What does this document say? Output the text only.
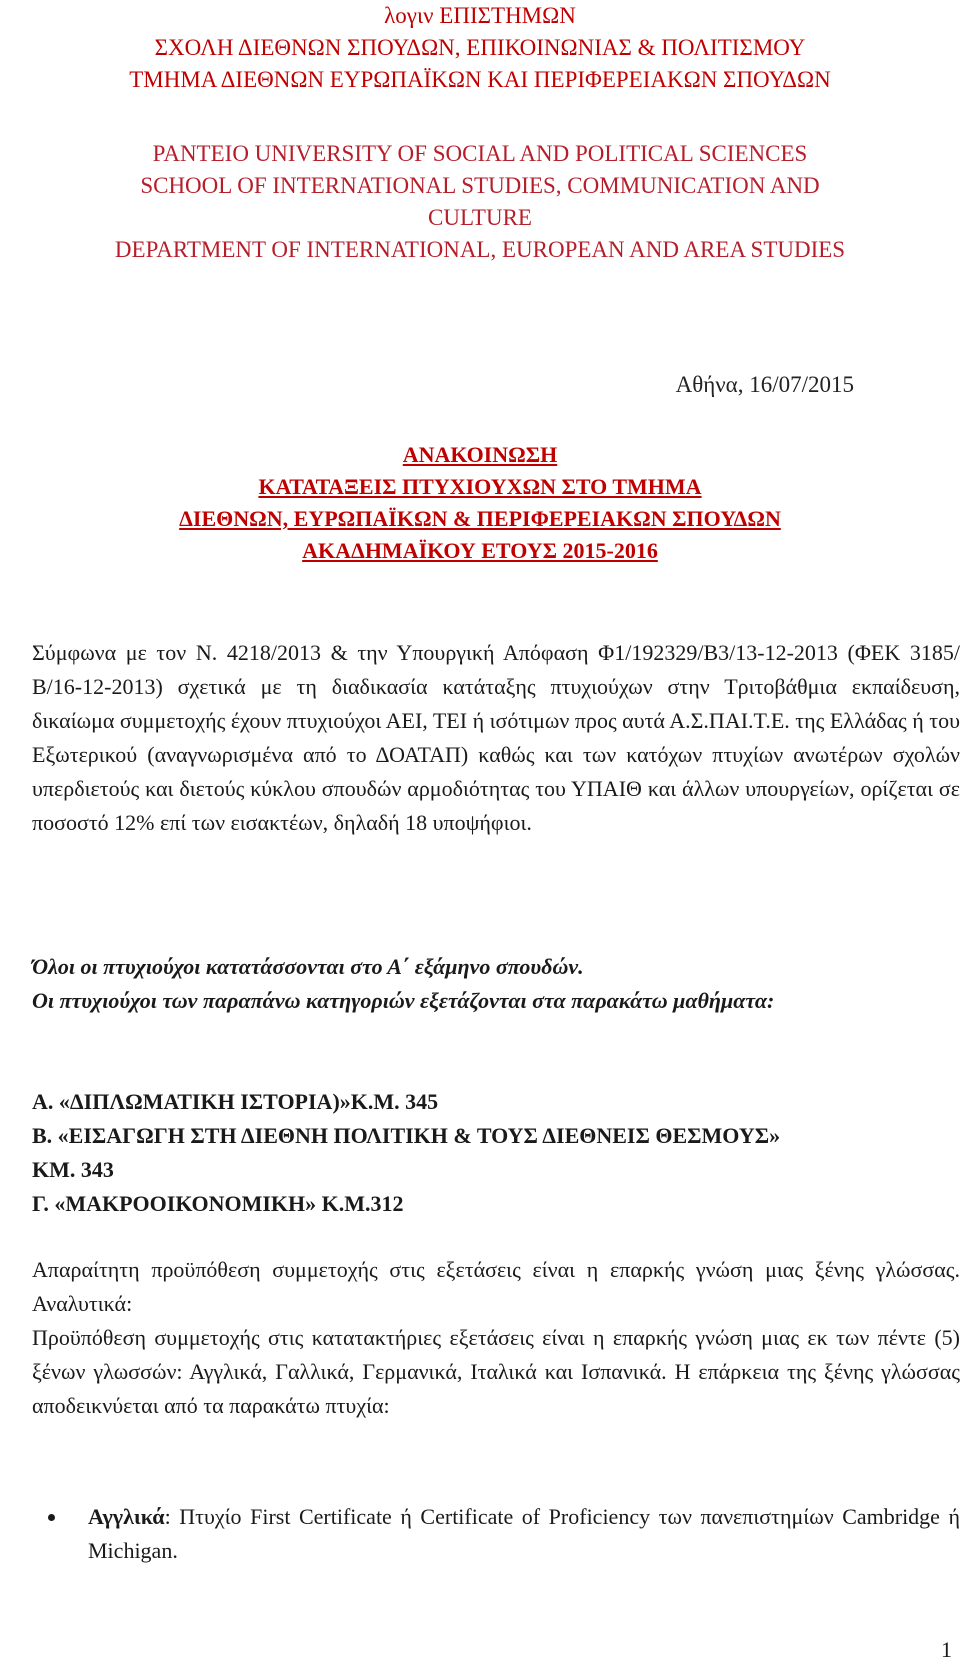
λογιν ΕΠΙΣΤΗΜΩΝ
ΣΧΟΛΗ ΔΙΕΘΝΩΝ ΣΠΟΥΔΩΝ, ΕΠΙΚΟΙΝΩΝΙΑΣ & ΠΟΛΙΤΙΣΜΟΥ
ΤΜΗΜΑ ΔΙΕΘΝΩΝ ΕΥΡΩΠΑΪΚΩΝ ΚΑΙ ΠΕΡΙΦΕΡΕΙΑΚΩΝ ΣΠΟΥΔΩΝ
PANTEIO UNIVERSITY OF SOCIAL AND POLITICAL SCIENCES
SCHOOL OF INTERNATIONAL STUDIES, COMMUNICATION AND
CULTURE
DEPARTMENT OF INTERNATIONAL, EUROPEAN AND AREA STUDIES

Αθήνα, 16/07/2015

ΑΝΑΚΟΙΝΩΣΗ
ΚΑΤΑΤΑΞΕΙΣ ΠΤΥΧΙΟΥΧΩΝ ΣΤΟ ΤΜΗΜΑ
ΔΙΕΘΝΩΝ, ΕΥΡΩΠΑΪΚΩΝ & ΠΕΡΙΦΕΡΕΙΑΚΩΝ ΣΠΟΥΔΩΝ
ΑΚΑΔΗΜΑΪΚΟΥ ΕΤΟΥΣ 2015-2016

Σύμφωνα με τον Ν. 4218/2013 & την Υπουργική Απόφαση Φ1/192329/Β3/13-12-2013 (ΦΕΚ 3185/Β/16-12-2013) σχετικά με τη διαδικασία κατάταξης πτυχιούχων στην Τριτοβάθμια εκπαίδευση, δικαίωμα συμμετοχής έχουν πτυχιούχοι ΑΕΙ, ΤΕΙ ή ισότιμων προς αυτά Α.Σ.ΠΑΙ.Τ.Ε. της Ελλάδας ή του Εξωτερικού (αναγνωρισμένα από το ΔΟΑΤΑΠ) καθώς και των κατόχων πτυχίων ανωτέρων σχολών υπερδιετούς και διετούς κύκλου σπουδών αρμοδιότητας του ΥΠΑΙΘ και άλλων υπουργείων, ορίζεται σε ποσοστό 12% επί των εισακτέων, δηλαδή 18 υποψήφιοι.

Όλοι οι πτυχιούχοι κατατάσσονται στο Α΄ εξάμηνο σπουδών.
Οι πτυχιούχοι των παραπάνω κατηγοριών εξετάζονται στα παρακάτω μαθήματα:
Α. «ΔΙΠΛΩΜΑΤΙΚΗ ΙΣΤΟΡΙΑ)»Κ.Μ. 345
Β. «ΕΙΣΑΓΩΓΗ ΣΤΗ ΔΙΕΘΝΗ ΠΟΛΙΤΙΚΗ & ΤΟΥΣ ΔΙΕΘΝΕΙΣ ΘΕΣΜΟΥΣ»
ΚΜ. 343
Γ. «ΜΑΚΡΟΟΙΚΟΝΟΜΙΚΗ» Κ.Μ.312

Απαραίτητη προϋπόθεση συμμετοχής στις εξετάσεις είναι η επαρκής γνώση μιας ξένης γλώσσας. Αναλυτικά:

Προϋπόθεση συμμετοχής στις κατατακτήριες εξετάσεις είναι η επαρκής γνώση μιας εκ των πέντε (5) ξένων γλωσσών: Αγγλικά, Γαλλικά, Γερμανικά, Ιταλικά και Ισπανικά. Η επάρκεια της ξένης γλώσσας αποδεικνύεται από τα παρακάτω πτυχία:

Αγγλικά: Πτυχίο First Certificate ή Certificate of Proficiency των πανεπιστημίων Cambridge ή Michigan.

1
